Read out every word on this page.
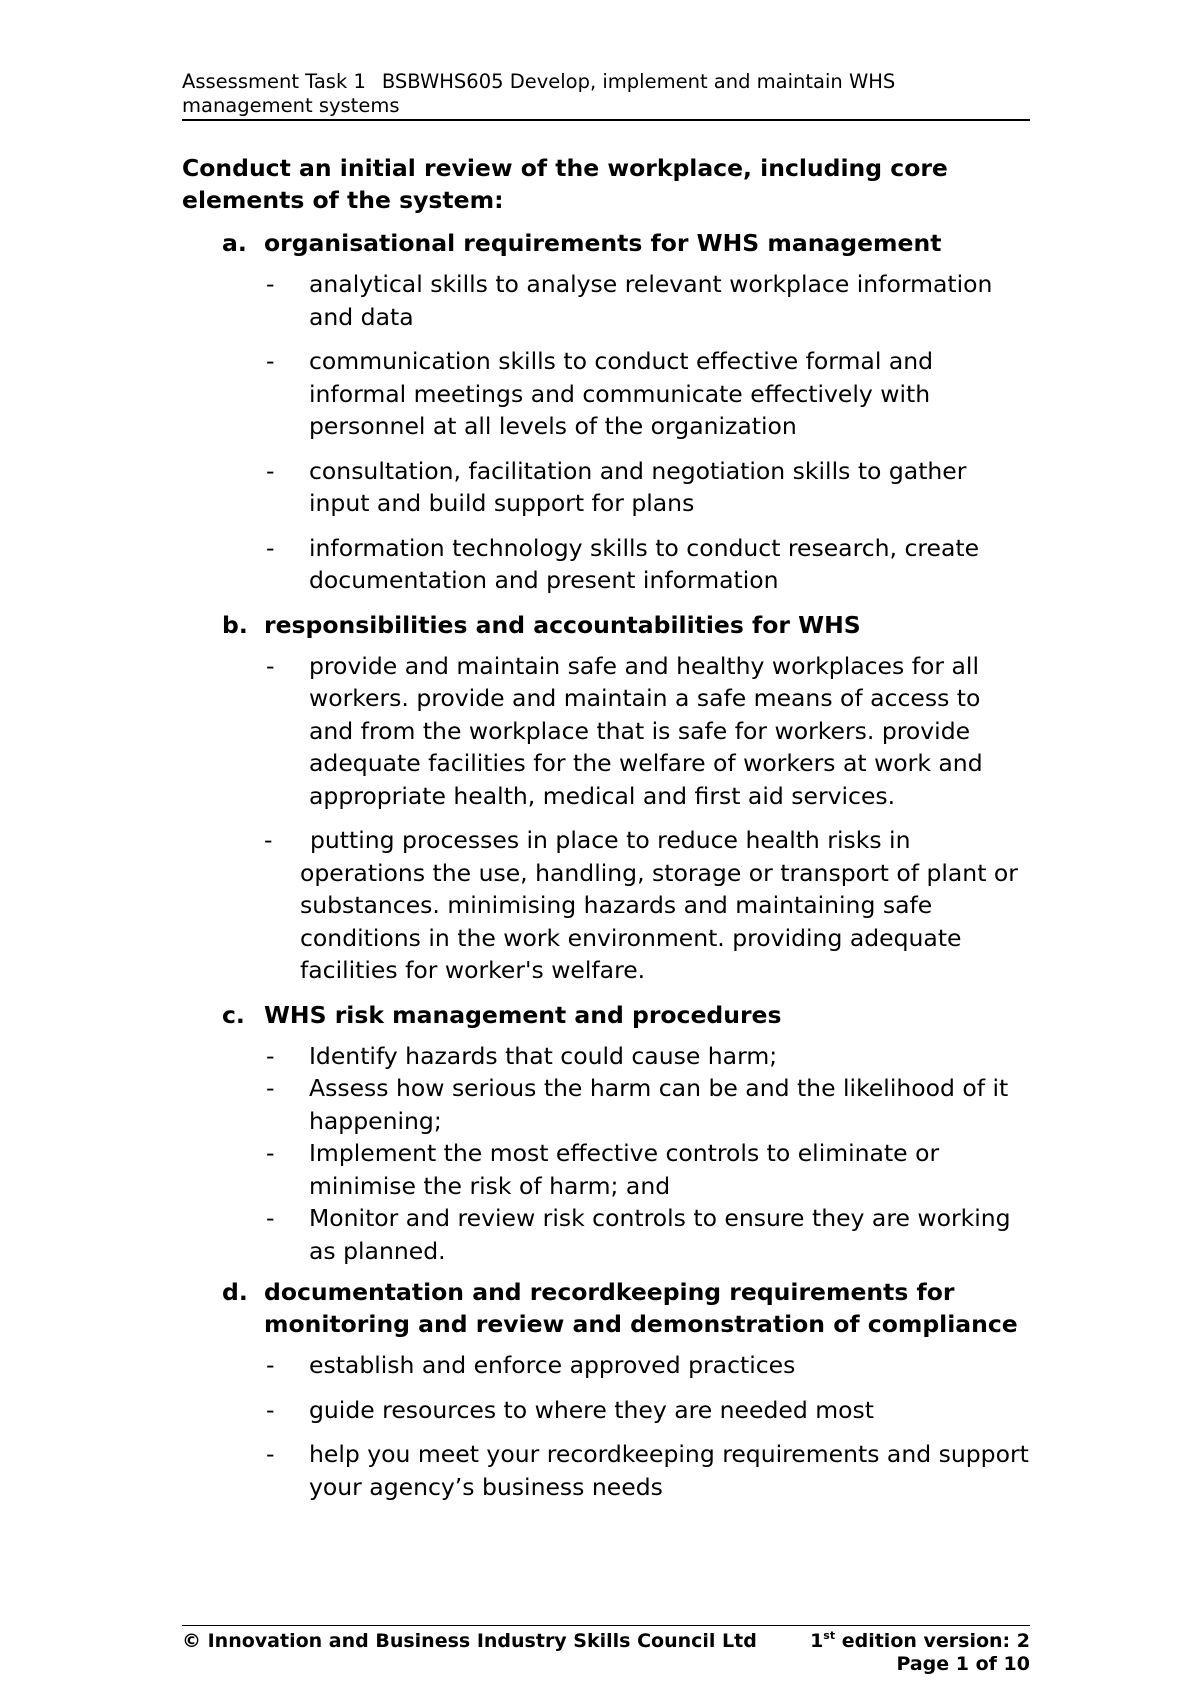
Assessment Task 1 BSBWHS605 Develop, implement and maintain WHS
management systems

Conduct an initial review of the workplace, including core elements of the system:

a. organisational requirements for WHS management
- analytical skills to analyse relevant workplace information and data
- communication skills to conduct effective formal and informal meetings and communicate effectively with personnel at all levels of the organization
- consultation, facilitation and negotiation skills to gather input and build support for plans
- information technology skills to conduct research, create documentation and present information
b. responsibilities and accountabilities for WHS
- provide and maintain safe and healthy workplaces for all workers. provide and maintain a safe means of access to and from the workplace that is safe for workers. provide adequate facilities for the welfare of workers at work and appropriate health, medical and first aid services.
- putting processes in place to reduce health risks in operations the use, handling, storage or transport of plant or substances. minimising hazards and maintaining safe conditions in the work environment. providing adequate facilities for worker's welfare.
c. WHS risk management and procedures
- Identify hazards that could cause harm;
- Assess how serious the harm can be and the likelihood of it happening;
- Implement the most effective controls to eliminate or minimise the risk of harm; and
- Monitor and review risk controls to ensure they are working as planned.
d. documentation and recordkeeping requirements for monitoring and review and demonstration of compliance
- establish and enforce approved practices
- guide resources to where they are needed most
- help you meet your recordkeeping requirements and support your agency’s business needs
© Innovation and Business Industry Skills Council Ltd	1st edition version: 2
Page 1 of 10
